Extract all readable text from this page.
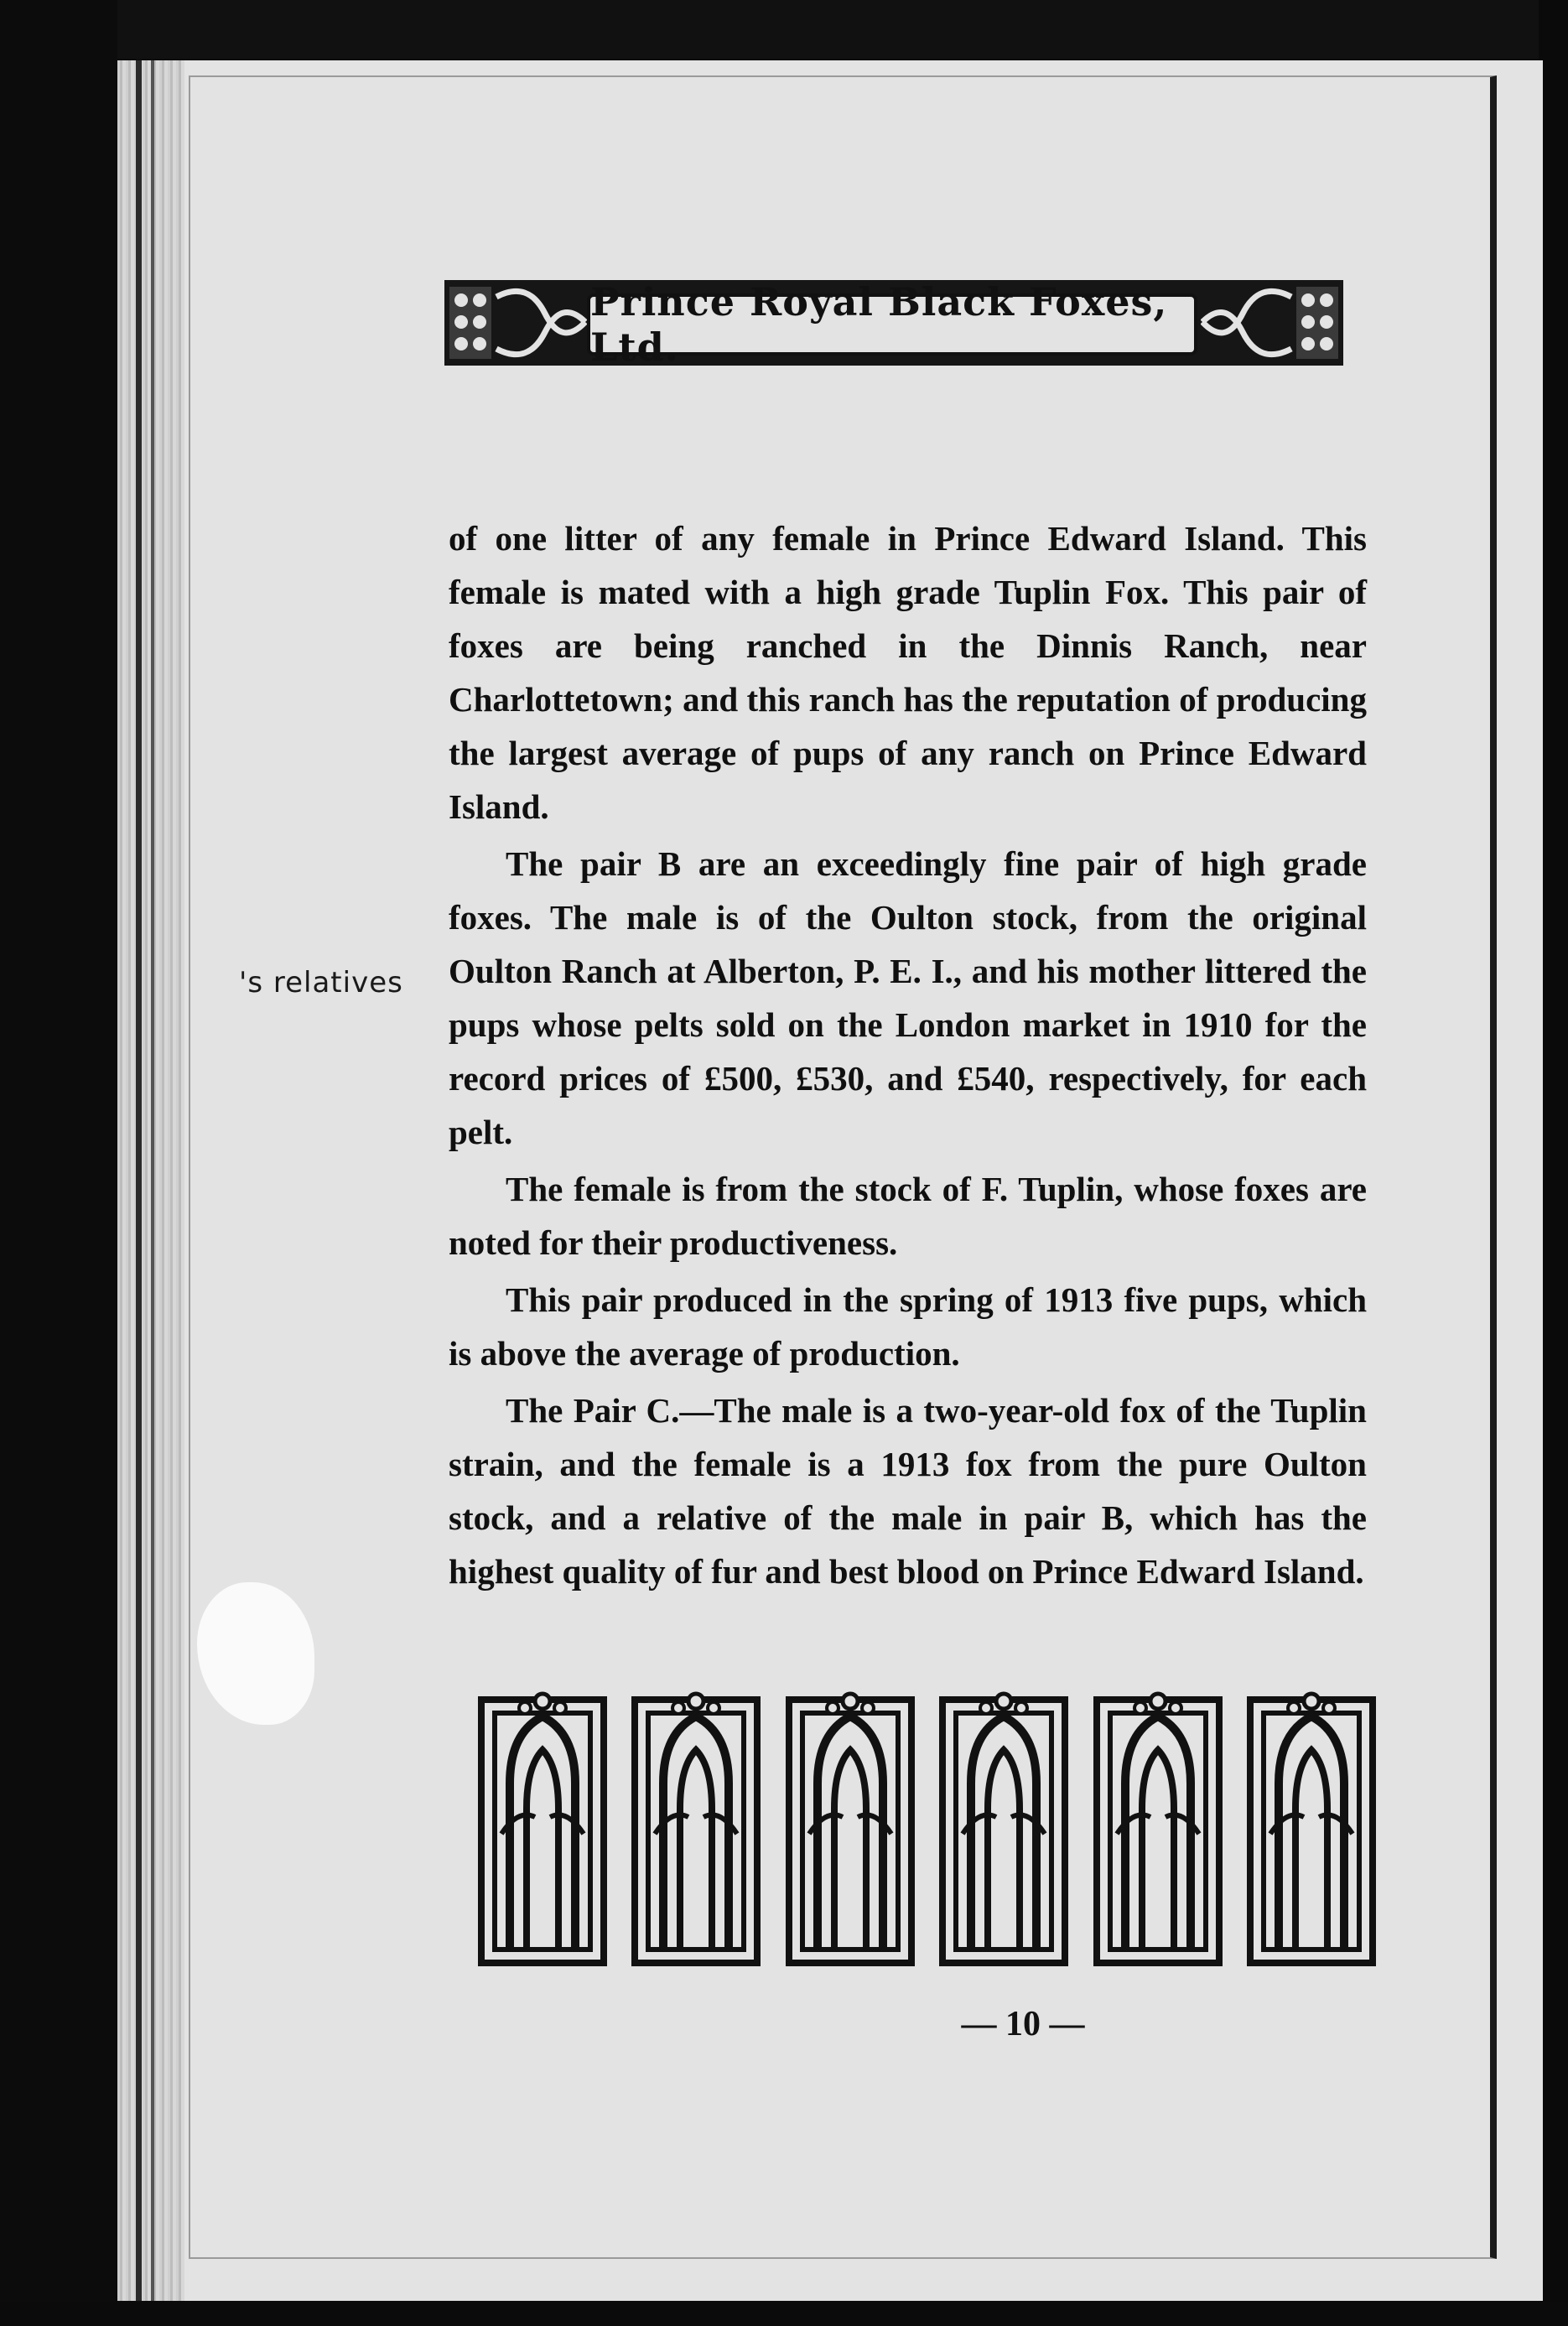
's relatives
Prince Royal Black Foxes, Ltd.

of one litter of any female in Prince Edward Island. This female is mated with a high grade Tuplin Fox. This pair of foxes are being ranched in the Dinnis Ranch, near Charlottetown; and this ranch has the reputation of producing the largest average of pups of any ranch on Prince Edward Island.

The pair B are an exceedingly fine pair of high grade foxes. The male is of the Oulton stock, from the original Oulton Ranch at Alberton, P. E. I., and his mother littered the pups whose pelts sold on the London market in 1910 for the record prices of £500, £530, and £540, respectively, for each pelt.

The female is from the stock of F. Tuplin, whose foxes are noted for their productiveness.

This pair produced in the spring of 1913 five pups, which is above the average of production.

The Pair C.—The male is a two-year-old fox of the Tuplin strain, and the female is a 1913 fox from the pure Oulton stock, and a relative of the male in pair B, which has the highest quality of fur and best blood on Prince Edward Island.

— 10 —
